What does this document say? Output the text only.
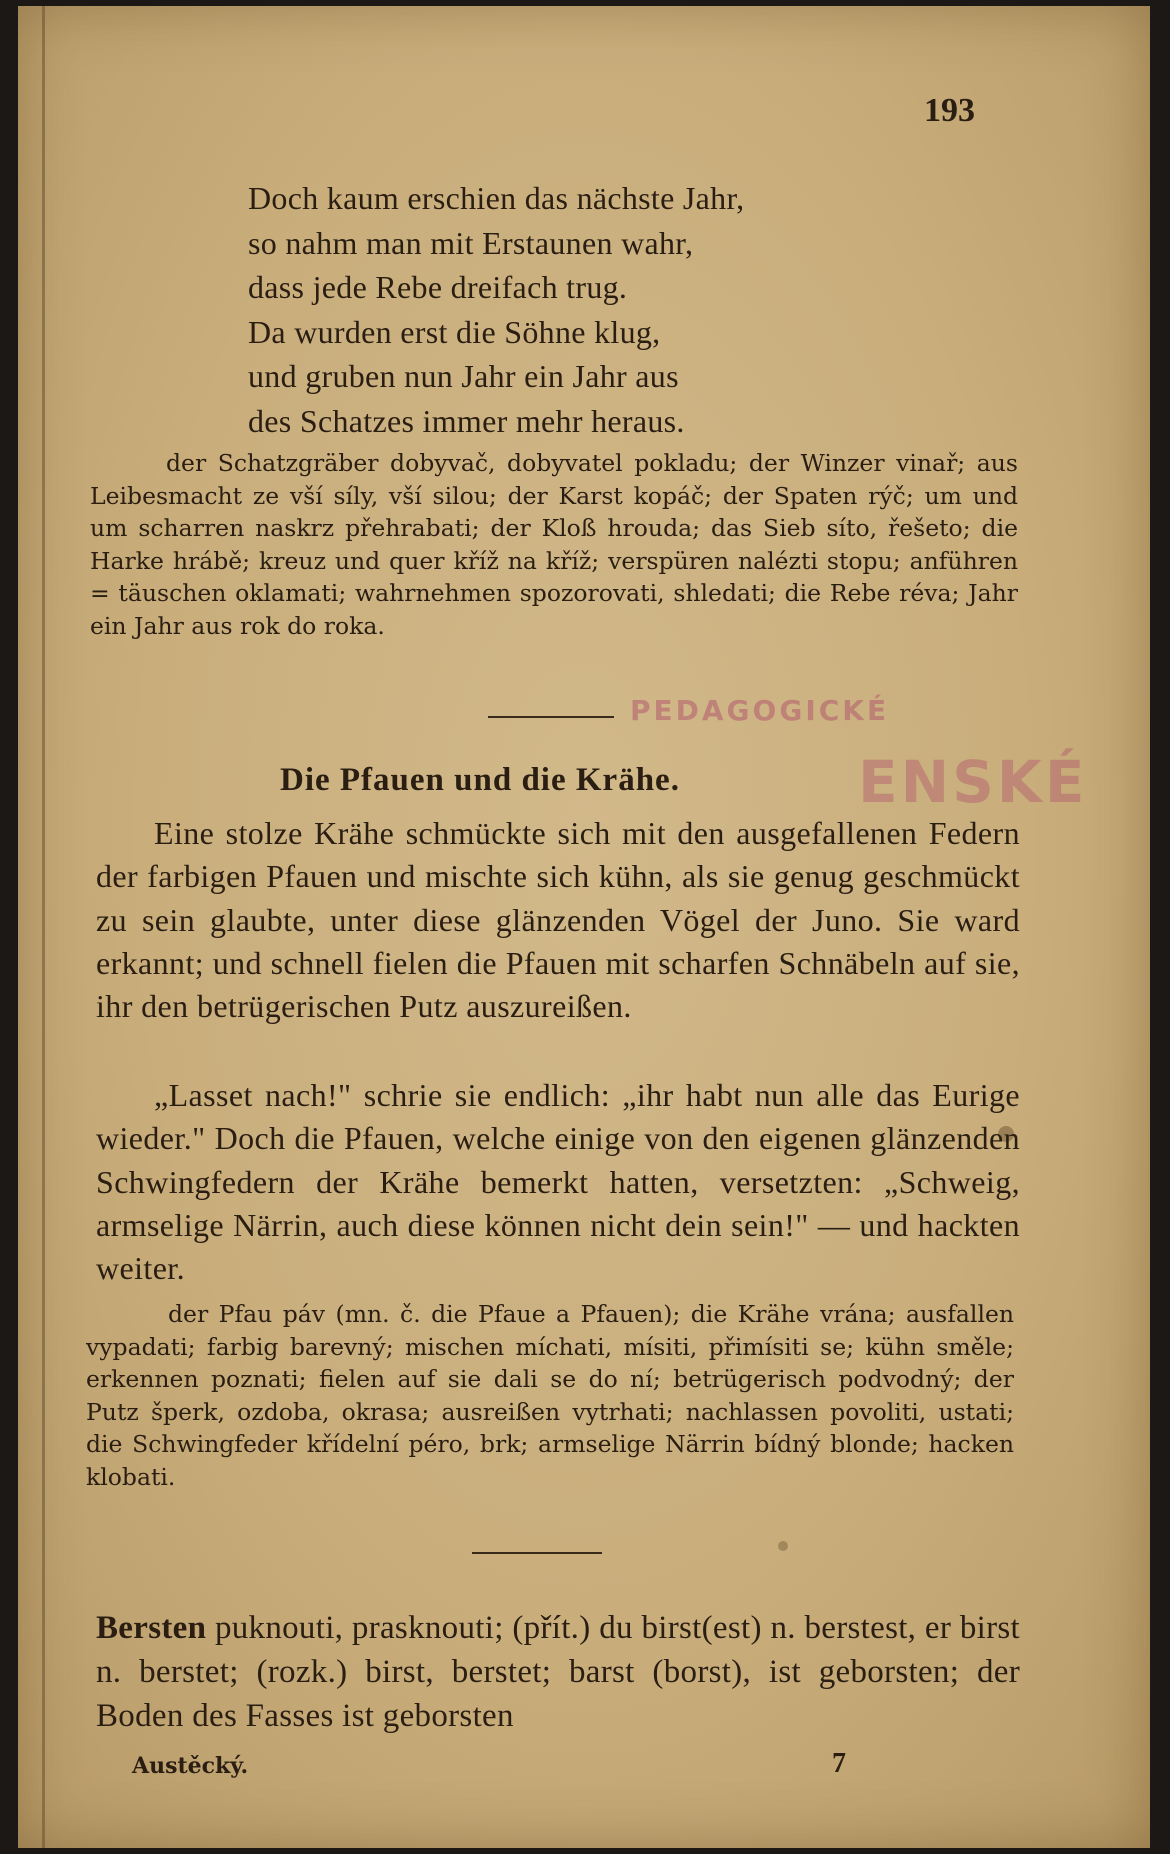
193
Doch kaum erschien das nächste Jahr,
so nahm man mit Erstaunen wahr,
dass jede Rebe dreifach trug.
Da wurden erst die Söhne klug,
und gruben nun Jahr ein Jahr aus
des Schatzes immer mehr heraus.
der Schatzgräber dobyvač, dobyvatel pokladu; der Winzer vinař; aus Leibesmacht ze vší síly, vší silou; der Karst kopáč; der Spaten rýč; um und um scharren naskrz přehrabati; der Kloß hrouda; das Sieb síto, řešeto; die Harke hrábě; kreuz und quer kříž na kříž; verspüren nalézti stopu; anführen = täuschen oklamati; wahrnehmen spozorovati, shledati; die Rebe réva; Jahr ein Jahr aus rok do roka.
PEDAGOGICKÉ
Die Pfauen und die Krähe.	ENSKÉ
Eine stolze Krähe schmückte sich mit den ausgefallenen Federn der farbigen Pfauen und mischte sich kühn, als sie genug geschmückt zu sein glaubte, unter diese glänzenden Vögel der Juno. Sie ward erkannt; und schnell fielen die Pfauen mit scharfen Schnäbeln auf sie, ihr den betrügerischen Putz auszureißen.
„Lasset nach!" schrie sie endlich: „ihr habt nun alle das Eurige wieder." Doch die Pfauen, welche einige von den eigenen glänzenden Schwingfedern der Krähe bemerkt hatten, versetzten: „Schweig, armselige Närrin, auch diese können nicht dein sein!" — und hackten weiter.
der Pfau páv (mn. č. die Pfaue a Pfauen); die Krähe vrána; ausfallen vypadati; farbig barevný; mischen míchati, mísiti, přimísiti se; kühn směle; erkennen poznati; fielen auf sie dali se do ní; betrügerisch podvodný; der Putz šperk, ozdoba, okrasa; ausreißen vytrhati; nachlassen povoliti, ustati; die Schwingfeder křídelní péro, brk; armselige Närrin bídný blonde; hacken klobati.
Bersten puknouti, prasknouti; (přít.) du birst(est) n. berstest, er birst n. berstet; (rozk.) birst, berstet; barst (borst), ist geborsten; der Boden des Fasses ist geborsten
Austěcký.	7
